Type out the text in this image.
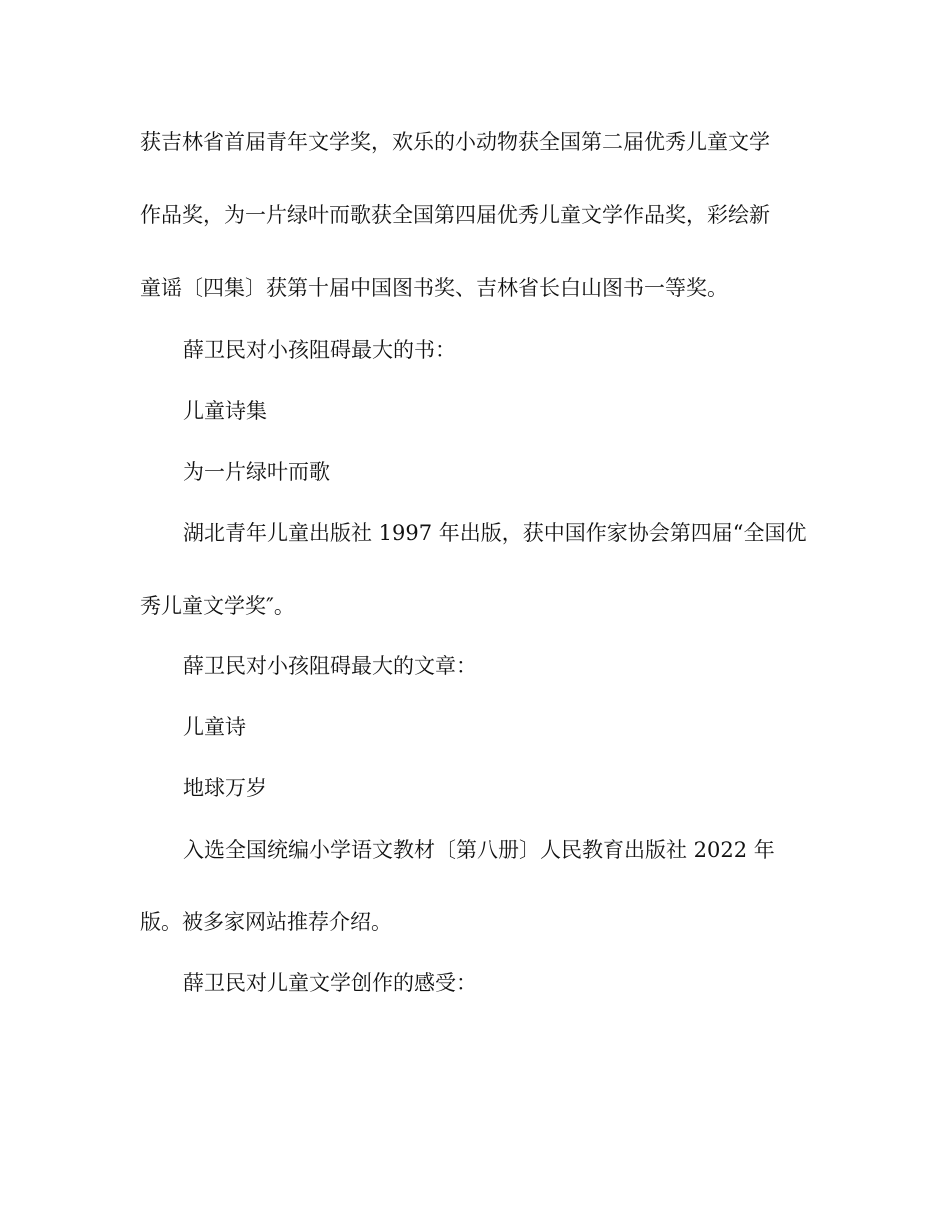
获吉林省首届青年文学奖，欢乐的小动物获全国第二届优秀儿童文学
作品奖，为一片绿叶而歌获全国第四届优秀儿童文学作品奖，彩绘新
童谣〔四集〕获第十届中国图书奖、吉林省长白山图书一等奖。
薛卫民对小孩阻碍最大的书：
儿童诗集
为一片绿叶而歌
湖北青年儿童出版社 1997 年出版，获中国作家协会第四届“全国优
秀儿童文学奖″。
薛卫民对小孩阻碍最大的文章：
儿童诗
地球万岁
入选全国统编小学语文教材〔第八册〕人民教育出版社 2022 年
版。被多家网站推荐介绍。
薛卫民对儿童文学创作的感受：
